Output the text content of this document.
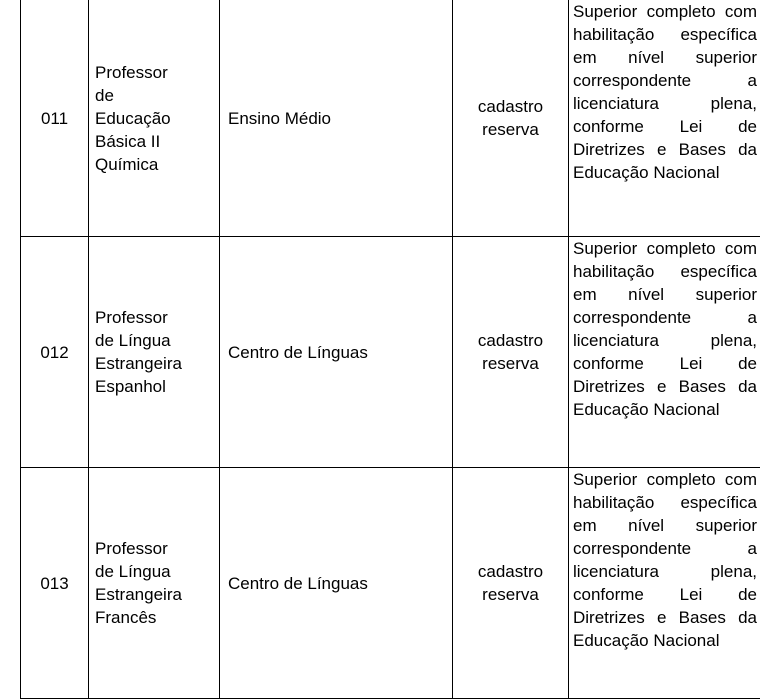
011	Professor
de
Educação
Básica II
Química	Ensino Médio	cadastro
reserva	Superior completo com habilitação específica em nível superior correspondente a licenciatura plena, conforme Lei de Diretrizes e Bases da Educação Nacional

012	Professor
de Língua
Estrangeira
Espanhol	Centro de Línguas	cadastro
reserva	Superior completo com habilitação específica em nível superior correspondente a licenciatura plena, conforme Lei de Diretrizes e Bases da Educação Nacional

013	Professor
de Língua
Estrangeira
Francês	Centro de Línguas	cadastro
reserva	Superior completo com habilitação específica em nível superior correspondente a licenciatura plena, conforme Lei de Diretrizes e Bases da Educação Nacional
